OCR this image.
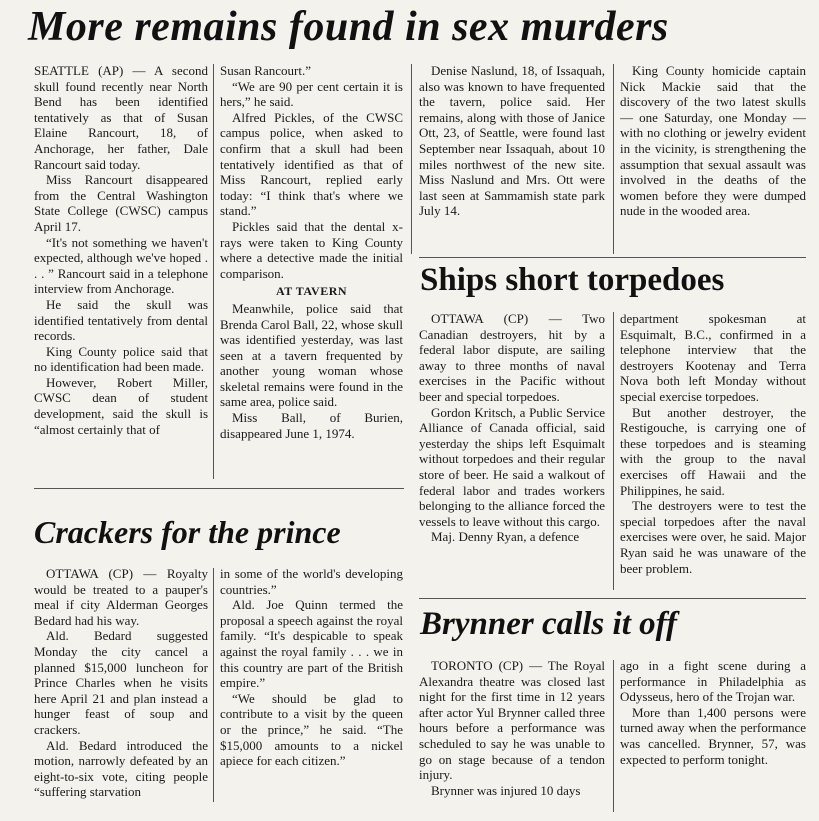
More remains found in sex murders

SEATTLE (AP) — A second skull found recently near North Bend has been identified tentatively as that of Susan Elaine Rancourt, 18, of Anchorage, her father, Dale Rancourt said today.

Miss Rancourt disappeared from the Central Washington State College (CWSC) campus April 17.

“It's not something we haven't expected, although we've hoped . . . ” Rancourt said in a telephone interview from Anchorage.

He said the skull was identified tentatively from dental records.

King County police said that no identification had been made.

However, Robert Miller, CWSC dean of student development, said the skull is “almost certainly that of

Susan Rancourt.”

“We are 90 per cent certain it is hers,” he said.

Alfred Pickles, of the CWSC campus police, when asked to confirm that a skull had been tentatively identified as that of Miss Rancourt, replied early today: “I think that's where we stand.”

Pickles said that the dental x-rays were taken to King County where a detective made the initial comparison.

AT TAVERN

Meanwhile, police said that Brenda Carol Ball, 22, whose skull was identified yesterday, was last seen at a tavern frequented by another young woman whose skeletal remains were found in the same area, police said.

Miss Ball, of Burien, disappeared June 1, 1974.

Denise Naslund, 18, of Issaquah, also was known to have frequented the tavern, police said. Her remains, along with those of Janice Ott, 23, of Seattle, were found last September near Issaquah, about 10 miles northwest of the new site. Miss Naslund and Mrs. Ott were last seen at Sammamish state park July 14.

King County homicide captain Nick Mackie said that the discovery of the two latest skulls — one Saturday, one Monday — with no clothing or jewelry evident in the vicinity, is strengthening the assumption that sexual assault was involved in the deaths of the women before they were dumped nude in the wooded area.

Ships short torpedoes

OTTAWA (CP) — Two Canadian destroyers, hit by a federal labor dispute, are sailing away to three months of naval exercises in the Pacific without beer and special torpedoes.

Gordon Kritsch, a Public Service Alliance of Canada official, said yesterday the ships left Esquimalt without torpedoes and their regular store of beer. He said a walkout of federal labor and trades workers belonging to the alliance forced the vessels to leave without this cargo.

Maj. Denny Ryan, a defence

department spokesman at Esquimalt, B.C., confirmed in a telephone interview that the destroyers Kootenay and Terra Nova both left Monday without special exercise torpedoes.

But another destroyer, the Restigouche, is carrying one of these torpedoes and is steaming with the group to the naval exercises off Hawaii and the Philippines, he said.

The destroyers were to test the special torpedoes after the naval exercises were over, he said. Major Ryan said he was unaware of the beer problem.

Crackers for the prince

OTTAWA (CP) — Royalty would be treated to a pauper's meal if city Alderman Georges Bedard had his way.

Ald. Bedard suggested Monday the city cancel a planned $15,000 luncheon for Prince Charles when he visits here April 21 and plan instead a hunger feast of soup and crackers.

Ald. Bedard introduced the motion, narrowly defeated by an eight-to-six vote, citing people “suffering starvation

in some of the world's developing countries.”

Ald. Joe Quinn termed the proposal a speech against the royal family. “It's despicable to speak against the royal family . . . we in this country are part of the British empire.”

“We should be glad to contribute to a visit by the queen or the prince,” he said. “The $15,000 amounts to a nickel apiece for each citizen.”

Brynner calls it off

TORONTO (CP) — The Royal Alexandra theatre was closed last night for the first time in 12 years after actor Yul Brynner called three hours before a performance was scheduled to say he was unable to go on stage because of a tendon injury.

Brynner was injured 10 days

ago in a fight scene during a performance in Philadelphia as Odysseus, hero of the Trojan war.

More than 1,400 persons were turned away when the performance was cancelled. Brynner, 57, was expected to perform tonight.
